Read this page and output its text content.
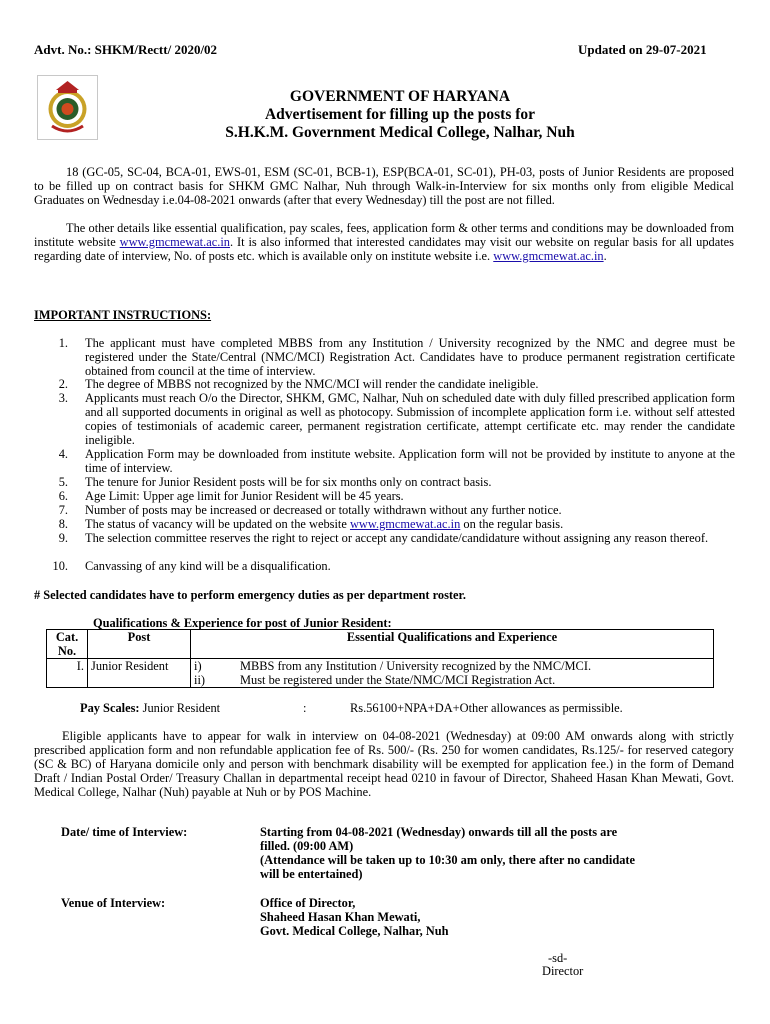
Advt. No.: SHKM/Rectt/ 2020/02	Updated on 29-07-2021
GOVERNMENT OF HARYANA
Advertisement for filling up the posts for
S.H.K.M. Government Medical College, Nalhar, Nuh
18 (GC-05, SC-04, BCA-01, EWS-01, ESM (SC-01, BCB-1), ESP(BCA-01, SC-01), PH-03, posts of Junior Residents are proposed to be filled up on contract basis for SHKM GMC Nalhar, Nuh through Walk-in-Interview for six months only from eligible Medical Graduates on Wednesday i.e.04-08-2021 onwards (after that every Wednesday) till the post are not filled.
The other details like essential qualification, pay scales, fees, application form & other terms and conditions may be downloaded from institute website www.gmcmewat.ac.in. It is also informed that interested candidates may visit our website on regular basis for all updates regarding date of interview, No. of posts etc. which is available only on institute website i.e. www.gmcmewat.ac.in.
IMPORTANT INSTRUCTIONS:
1. The applicant must have completed MBBS from any Institution / University recognized by the NMC and degree must be registered under the State/Central (NMC/MCI) Registration Act. Candidates have to produce permanent registration certificate obtained from council at the time of interview.
2. The degree of MBBS not recognized by the NMC/MCI will render the candidate ineligible.
3. Applicants must reach O/o the Director, SHKM, GMC, Nalhar, Nuh on scheduled date with duly filled prescribed application form and all supported documents in original as well as photocopy. Submission of incomplete application form i.e. without self attested copies of testimonials of academic career, permanent registration certificate, attempt certificate etc. may render the candidate ineligible.
4. Application Form may be downloaded from institute website. Application form will not be provided by institute to anyone at the time of interview.
5. The tenure for Junior Resident posts will be for six months only on contract basis.
6. Age Limit: Upper age limit for Junior Resident will be 45 years.
7. Number of posts may be increased or decreased or totally withdrawn without any further notice.
8. The status of vacancy will be updated on the website www.gmcmewat.ac.in on the regular basis.
9. The selection committee reserves the right to reject or accept any candidate/candidature without assigning any reason thereof.
10. Canvassing of any kind will be a disqualification.
# Selected candidates have to perform emergency duties as per department roster.
Qualifications & Experience for post of Junior Resident:
Cat. No.	Post	Essential Qualifications and Experience
I.	Junior Resident	i) MBBS from any Institution / University recognized by the NMC/MCI.
ii) Must be registered under the State/NMC/MCI Registration Act.
Pay Scales: Junior Resident	:	Rs.56100+NPA+DA+Other allowances as permissible.
Eligible applicants have to appear for walk in interview on 04-08-2021 (Wednesday) at 09:00 AM onwards along with strictly prescribed application form and non refundable application fee of Rs. 500/- (Rs. 250 for women candidates, Rs.125/- for reserved category (SC & BC) of Haryana domicile only and person with benchmark disability will be exempted for application fee.) in the form of Demand Draft / Indian Postal Order/ Treasury Challan in departmental receipt head 0210 in favour of Director, Shaheed Hasan Khan Mewati, Govt. Medical College, Nalhar (Nuh) payable at Nuh or by POS Machine.
Date/ time of Interview:	Starting from 04-08-2021 (Wednesday) onwards till all the posts are
filled. (09:00 AM)
(Attendance will be taken up to 10:30 am only, there after no candidate
will be entertained)
Venue of Interview:	Office of Director,
Shaheed Hasan Khan Mewati,
Govt. Medical College, Nalhar, Nuh
-sd-
Director
